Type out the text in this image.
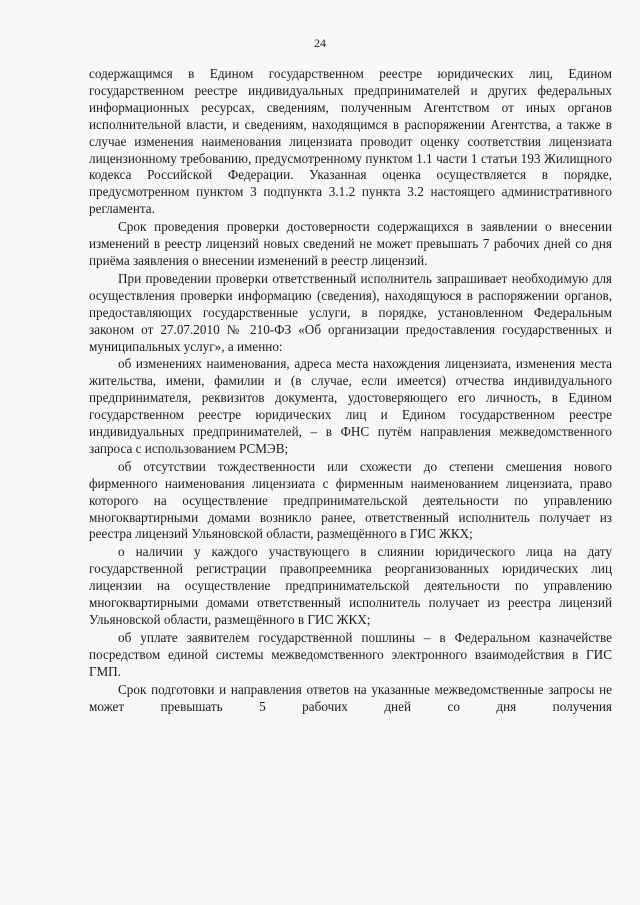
24

содержащимся в Едином государственном реестре юридических лиц, Едином государственном реестре индивидуальных предпринимателей и других федеральных информационных ресурсах, сведениям, полученным Агентством от иных органов исполнительной власти, и сведениям, находящимся в распоряжении Агентства, а также в случае изменения наименования лицензиата проводит оценку соответствия лицензиата лицензионному требованию, предусмотренному пунктом 1.1 части 1 статьи 193 Жилищного кодекса Российской Федерации. Указанная оценка осуществляется в порядке, предусмотренном пунктом 3 подпункта 3.1.2 пункта 3.2 настоящего административного регламента.

Срок проведения проверки достоверности содержащихся в заявлении о внесении изменений в реестр лицензий новых сведений не может превышать 7 рабочих дней со дня приёма заявления о внесении изменений в реестр лицензий.

При проведении проверки ответственный исполнитель запрашивает необходимую для осуществления проверки информацию (сведения), находящуюся в распоряжении органов, предоставляющих государственные услуги, в порядке, установленном Федеральным законом от 27.07.2010 № 210-ФЗ «Об организации предоставления государственных и муниципальных услуг», а именно:

об изменениях наименования, адреса места нахождения лицензиата, изменения места жительства, имени, фамилии и (в случае, если имеется) отчества индивидуального предпринимателя, реквизитов документа, удостоверяющего его личность, в Едином государственном реестре юридических лиц и Едином государственном реестре индивидуальных предпринимателей, – в ФНС путём направления межведомственного запроса с использованием РСМЭВ;

об отсутствии тождественности или схожести до степени смешения нового фирменного наименования лицензиата с фирменным наименованием лицензиата, право которого на осуществление предпринимательской деятельности по управлению многоквартирными домами возникло ранее, ответственный исполнитель получает из реестра лицензий Ульяновской области, размещённого в ГИС ЖКХ;

о наличии у каждого участвующего в слиянии юридического лица на дату государственной регистрации правопреемника реорганизованных юридических лиц лицензии на осуществление предпринимательской деятельности по управлению многоквартирными домами ответственный исполнитель получает из реестра лицензий Ульяновской области, размещённого в ГИС ЖКХ;

об уплате заявителем государственной пошлины – в Федеральном казначействе посредством единой системы межведомственного электронного взаимодействия в ГИС ГМП.

Срок подготовки и направления ответов на указанные межведомственные запросы не может превышать 5 рабочих дней со дня получения
